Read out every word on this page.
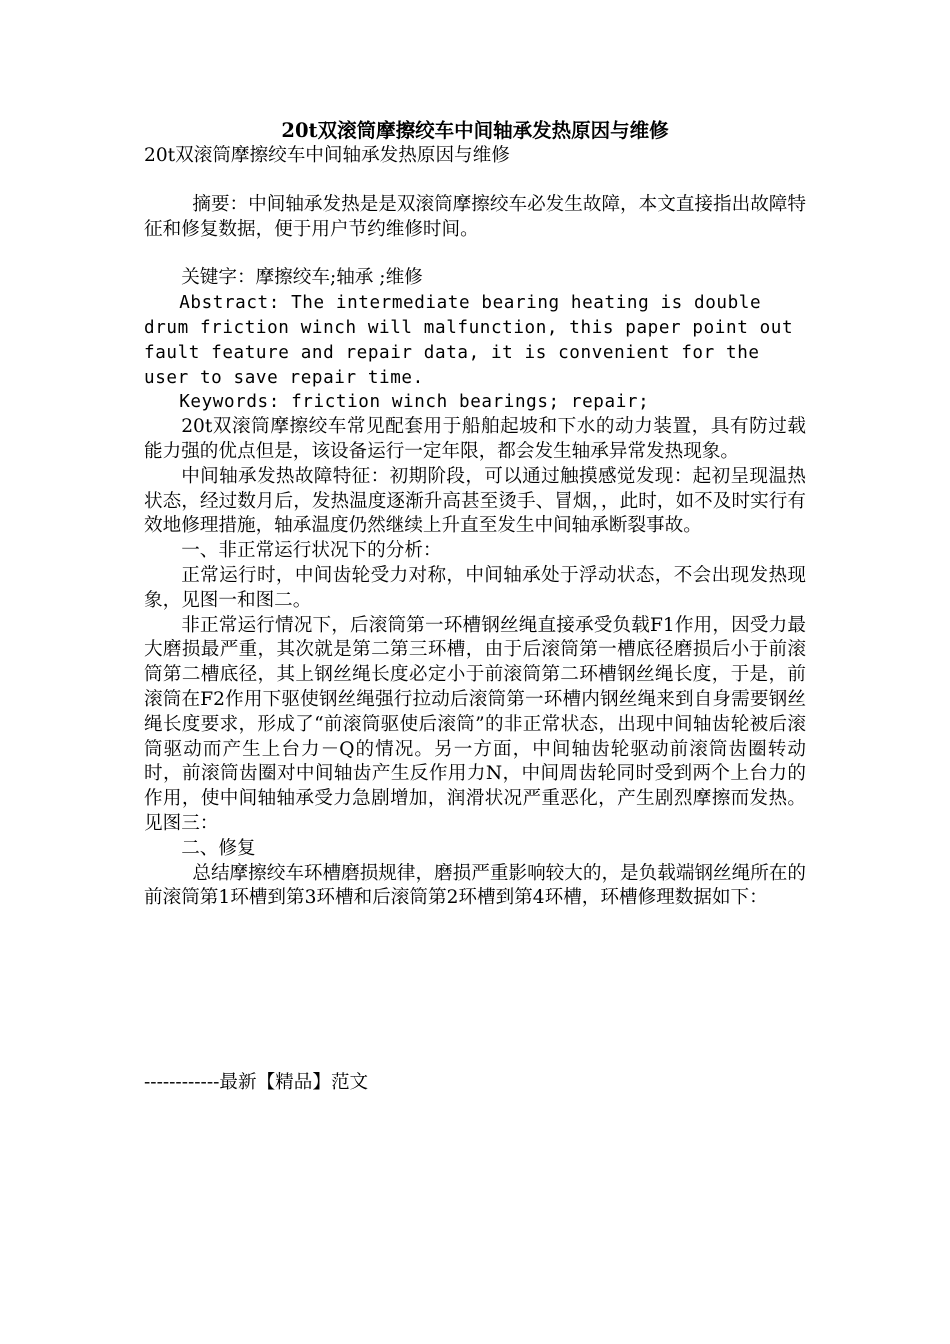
20t双滚筒摩擦绞车中间轴承发热原因与维修

20t双滚筒摩擦绞车中间轴承发热原因与维修

摘要：中间轴承发热是是双滚筒摩擦绞车必发生故障，本文直接指出故障特征和修复数据，便于用户节约维修时间。

关键字：摩擦绞车;轴承 ;维修

Abstract: The intermediate bearing heating is double drum friction winch will malfunction, this paper point out fault feature and repair data, it is convenient for the user to save repair time.

Keywords: friction winch bearings; repair;

20t双滚筒摩擦绞车常见配套用于船舶起坡和下水的动力装置，具有防过载能力强的优点但是，该设备运行一定年限，都会发生轴承异常发热现象。

中间轴承发热故障特征：初期阶段，可以通过触摸感觉发现：起初呈现温热状态，经过数月后，发热温度逐渐升高甚至烫手、冒烟，，此时，如不及时实行有效地修理措施，轴承温度仍然继续上升直至发生中间轴承断裂事故。

一、非正常运行状况下的分析：

正常运行时，中间齿轮受力对称，中间轴承处于浮动状态，不会出现发热现象，见图一和图二。

非正常运行情况下，后滚筒第一环槽钢丝绳直接承受负载F1作用，因受力最大磨损最严重，其次就是第二第三环槽，由于后滚筒第一槽底径磨损后小于前滚筒第二槽底径，其上钢丝绳长度必定小于前滚筒第二环槽钢丝绳长度，于是，前滚筒在F2作用下驱使钢丝绳强行拉动后滚筒第一环槽内钢丝绳来到自身需要钢丝绳长度要求，形成了“前滚筒驱使后滚筒”的非正常状态，出现中间轴齿轮被后滚筒驱动而产生上台力－Q的情况。另一方面，中间轴齿轮驱动前滚筒齿圈转动时，前滚筒齿圈对中间轴齿产生反作用力N，中间周齿轮同时受到两个上台力的作用，使中间轴轴承受力急剧增加，润滑状况严重恶化，产生剧烈摩擦而发热。见图三：

二、修复

总结摩擦绞车环槽磨损规律，磨损严重影响较大的，是负载端钢丝绳所在的前滚筒第1环槽到第3环槽和后滚筒第2环槽到第4环槽，环槽修理数据如下：

------------最新【精品】范文
